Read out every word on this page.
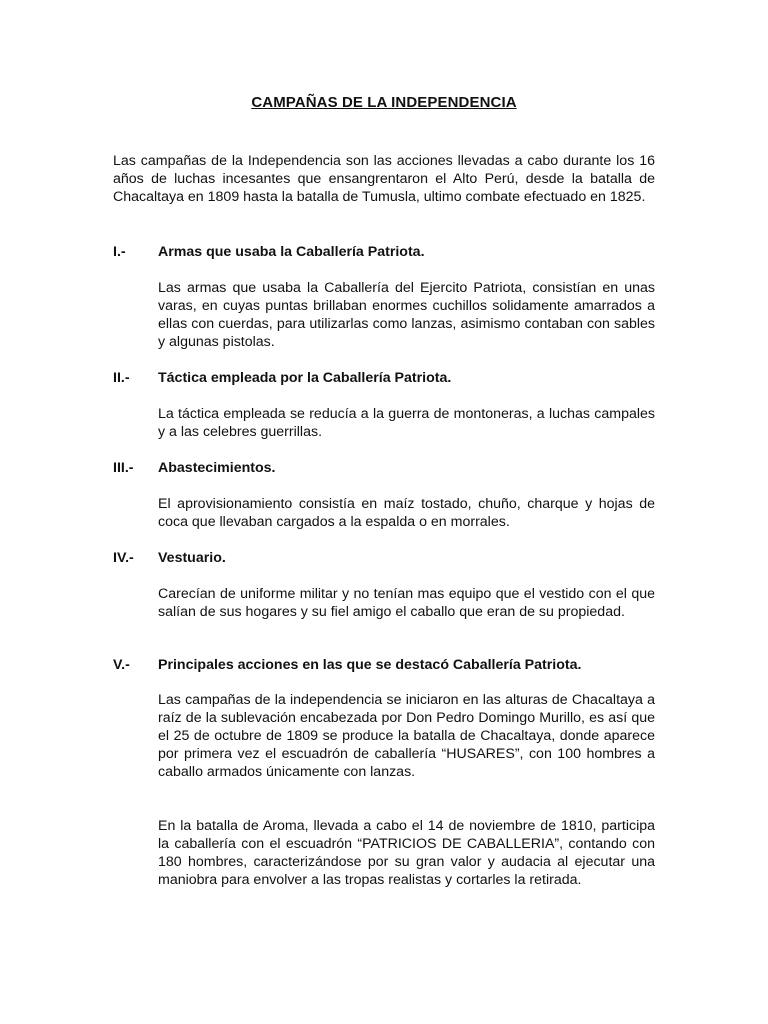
CAMPAÑAS DE LA INDEPENDENCIA
Las campañas de la Independencia son las acciones llevadas a cabo durante los 16 años de luchas incesantes que ensangrentaron el Alto Perú, desde la batalla de Chacaltaya en 1809 hasta la batalla de Tumusla, ultimo combate efectuado en 1825.
I.- Armas que usaba la Caballería Patriota.
Las armas que usaba la Caballería del Ejercito Patriota, consistían en unas varas, en cuyas puntas brillaban enormes cuchillos solidamente amarrados a ellas con cuerdas, para utilizarlas como lanzas, asimismo contaban con sables y algunas pistolas.
II.- Táctica empleada por la Caballería Patriota.
La táctica empleada se reducía a la guerra de montoneras, a luchas campales y a las celebres guerrillas.
III.- Abastecimientos.
El aprovisionamiento consistía en maíz tostado, chuño, charque y hojas de coca que llevaban cargados a la espalda o en morrales.
IV.- Vestuario.
Carecían de uniforme militar y no tenían mas equipo que el vestido con el que salían de sus hogares y su fiel amigo el caballo que eran de su propiedad.
V.- Principales acciones en las que se destacó Caballería Patriota.
Las campañas de la independencia se iniciaron en las alturas de Chacaltaya a raíz de la sublevación encabezada por Don Pedro Domingo Murillo, es así que el 25 de octubre de 1809 se produce la batalla de Chacaltaya, donde aparece por primera vez el escuadrón de caballería “HUSARES”, con 100 hombres a caballo armados únicamente con lanzas.
En la batalla de Aroma, llevada a cabo el 14 de noviembre de 1810, participa la caballería con el escuadrón “PATRICIOS DE CABALLERIA”, contando con 180 hombres, caracterizándose por su gran valor y audacia al ejecutar una maniobra para envolver a las tropas realistas y cortarles la retirada.
